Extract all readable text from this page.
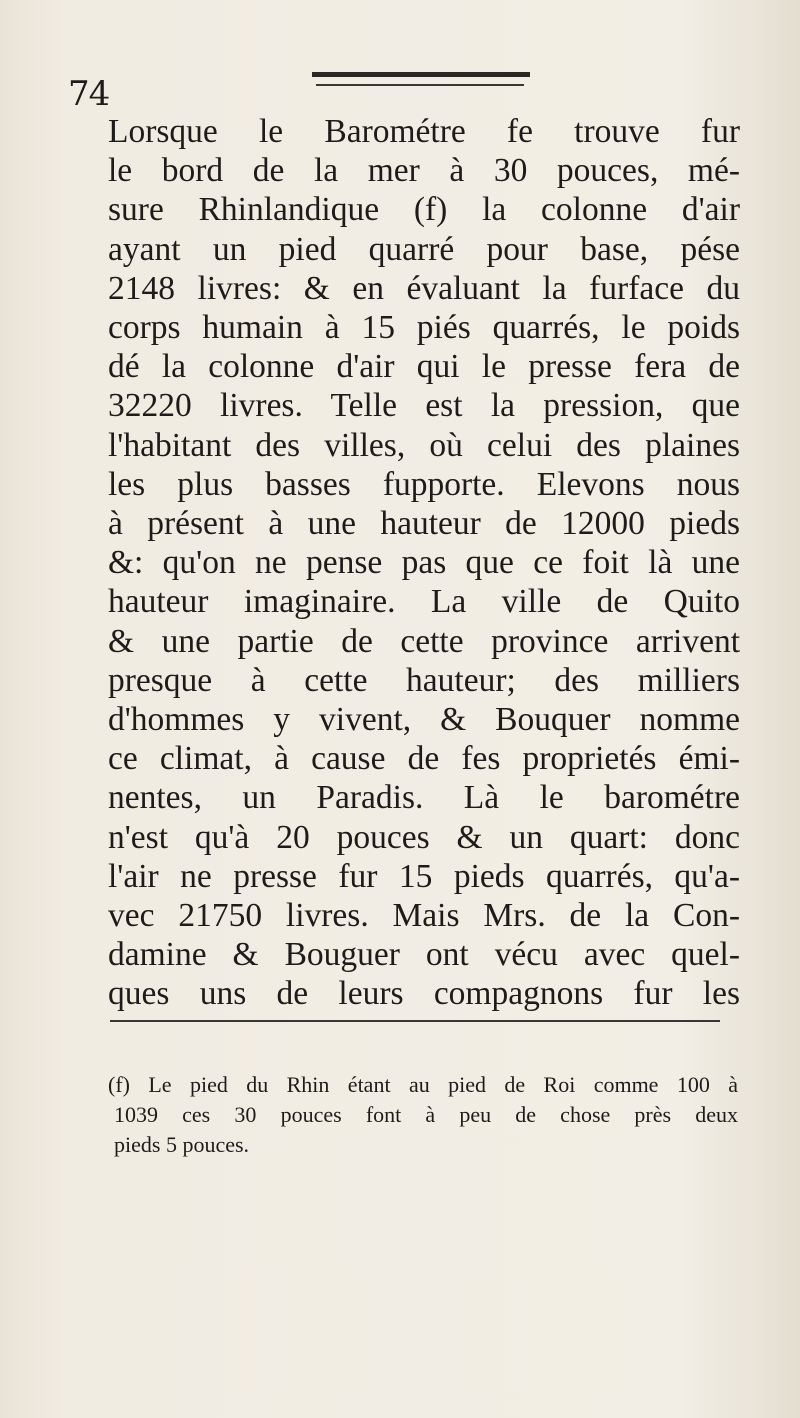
74
Lorsque le Barométre fe trouve fur
le bord de la mer à 30 pouces, mé-
sure Rhinlandique (f) la colonne d'air
ayant un pied quarré pour base, pése
2148 livres: & en évaluant la furface du
corps humain à 15 piés quarrés, le poids
dé la colonne d'air qui le presse fera de
32220 livres. Telle est la pression, que
l'habitant des villes, où celui des plaines
les plus basses fupporte. Elevons nous
à présent à une hauteur de 12000 pieds
&: qu'on ne pense pas que ce foit là une
hauteur imaginaire. La ville de Quito
& une partie de cette province arrivent
presque à cette hauteur; des milliers
d'hommes y vivent, & Bouquer nomme
ce climat, à cause de fes proprietés émi-
nentes, un Paradis. Là le barométre
n'est qu'à 20 pouces & un quart: donc
l'air ne presse fur 15 pieds quarrés, qu'a-
vec 21750 livres. Mais Mrs. de la Con-
damine & Bouguer ont vécu avec quel-
ques uns de leurs compagnons fur les
(f) Le pied du Rhin étant au pied de Roi comme 100 à
1039 ces 30 pouces font à peu de chose près deux
pieds 5 pouces.
